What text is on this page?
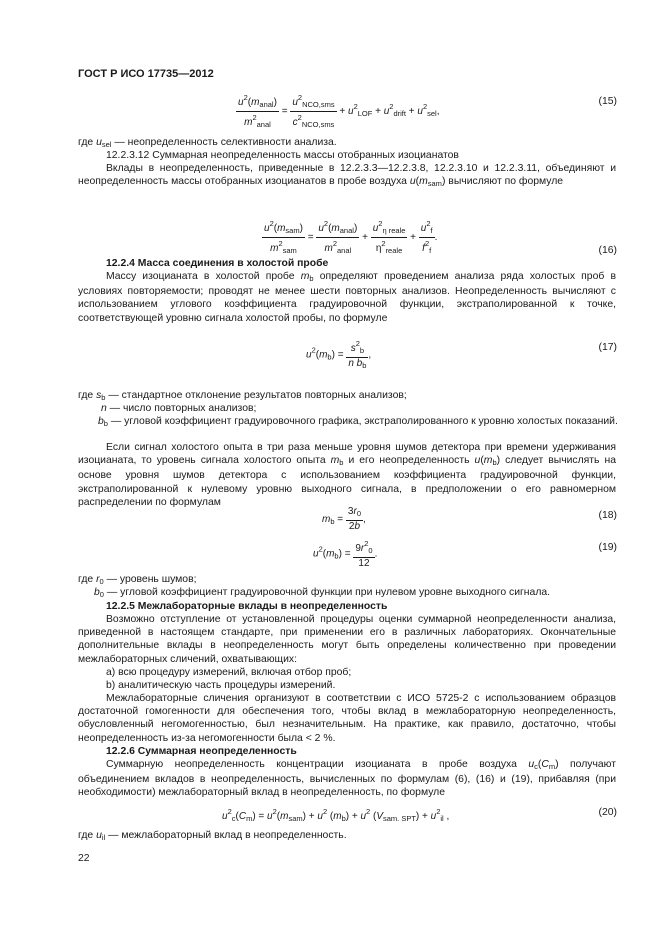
ГОСТ Р ИСО 17735—2012
$\frac{u^2(m_{anal})}{m^2_{anal}} = \frac{u^2_{NCO,sms}}{c^2_{NCO,sms}} + u^2_{LOF} + u^2_{drift} + u^2_{sel}$,
(15)
где $u_{sel}$ — неопределенность селективности анализа.
12.2.3.12 Суммарная неопределенность массы отобранных изоцианатов
Вклады в неопределенность, приведенные в 12.2.3.3—12.2.3.8, 12.2.3.10 и 12.2.3.11, объединяют и неопределенность массы отобранных изоцианатов в пробе воздуха $u(m_{sam})$ вычисляют по формуле
$\frac{u^2(m_{sam})}{m^2_{sam}} = \frac{u^2(m_{anal})}{m^2_{anal}} + \frac{u^2_{\eta reale}}{\eta^2_{reale}} + \frac{u^2_f}{f^2_f}$ .
(16)
12.2.4 Масса соединения в холостой пробе
Массу изоцианата в холостой пробе $m_b$ определяют проведением анализа ряда холостых проб в условиях повторяемости; проводят не менее шести повторных анализов. Неопределенность вычисляют с использованием углового коэффициента градуировочной функции, экстраполированной к точке, соответствующей уровню сигнала холостой пробы, по формуле
$u^2(m_b) = \frac{s^2_b}{n b_b}$ ,
(17)
где $s_b$ — стандартное отклонение результатов повторных анализов;
n — число повторных анализов;
$b_b$ — угловой коэффициент градуировочного графика, экстраполированного к уровню холостых показаний.
Если сигнал холостого опыта в три раза меньше уровня шумов детектора при времени удерживания изоцианата, то уровень сигнала холостого опыта $m_b$ и его неопределенность $u(m_b)$ следует вычислять на основе уровня шумов детектора с использованием коэффициента градуировочной функции, экстраполированной к нулевому уровню выходного сигнала, в предположении о его равномерном распределении по формулам
$m_b = \frac{3r_0}{2b}$ ,	(18)
$u^2(m_b) = \frac{9r^2_0}{12}$ .
(19)
где $r_0$ — уровень шумов;
$b_0$ — угловой коэффициент градуировочной функции при нулевом уровне выходного сигнала.
12.2.5 Межлабораторные вклады в неопределенность
Возможно отступление от установленной процедуры оценки суммарной неопределенности анализа, приведенной в настоящем стандарте, при применении его в различных лабораториях. Окончательные дополнительные вклады в неопределенность могут быть определены количественно при проведении межлабораторных сличений, охватывающих:
a) всю процедуру измерений, включая отбор проб;
b) аналитическую часть процедуры измерений.
Межлабораторные сличения организуют в соответствии с ИСО 5725-2 с использованием образцов достаточной гомогенности для обеспечения того, чтобы вклад в межлабораторную неопределенность, обусловленный негомогенностью, был незначительным. На практике, как правило, достаточно, чтобы неопределенность из-за негомогенности была < 2 %.
12.2.6 Суммарная неопределенность
Суммарную неопределенность концентрации изоцианата в пробе воздуха $u_c(C_m)$ получают объединением вкладов в неопределенность, вычисленных по формулам (6), (16) и (19), прибавляя (при необходимости) межлабораторный вклад в неопределенность, по формуле
$u^2_c(C_m) = u^2(m_{sam}) + u^2$ $(m_b) + u^2$ $(V_{sam. SPT}) + u^2_{il}$ ,	(20)
где $u_{il}$ — межлабораторный вклад в неопределенность.
22
